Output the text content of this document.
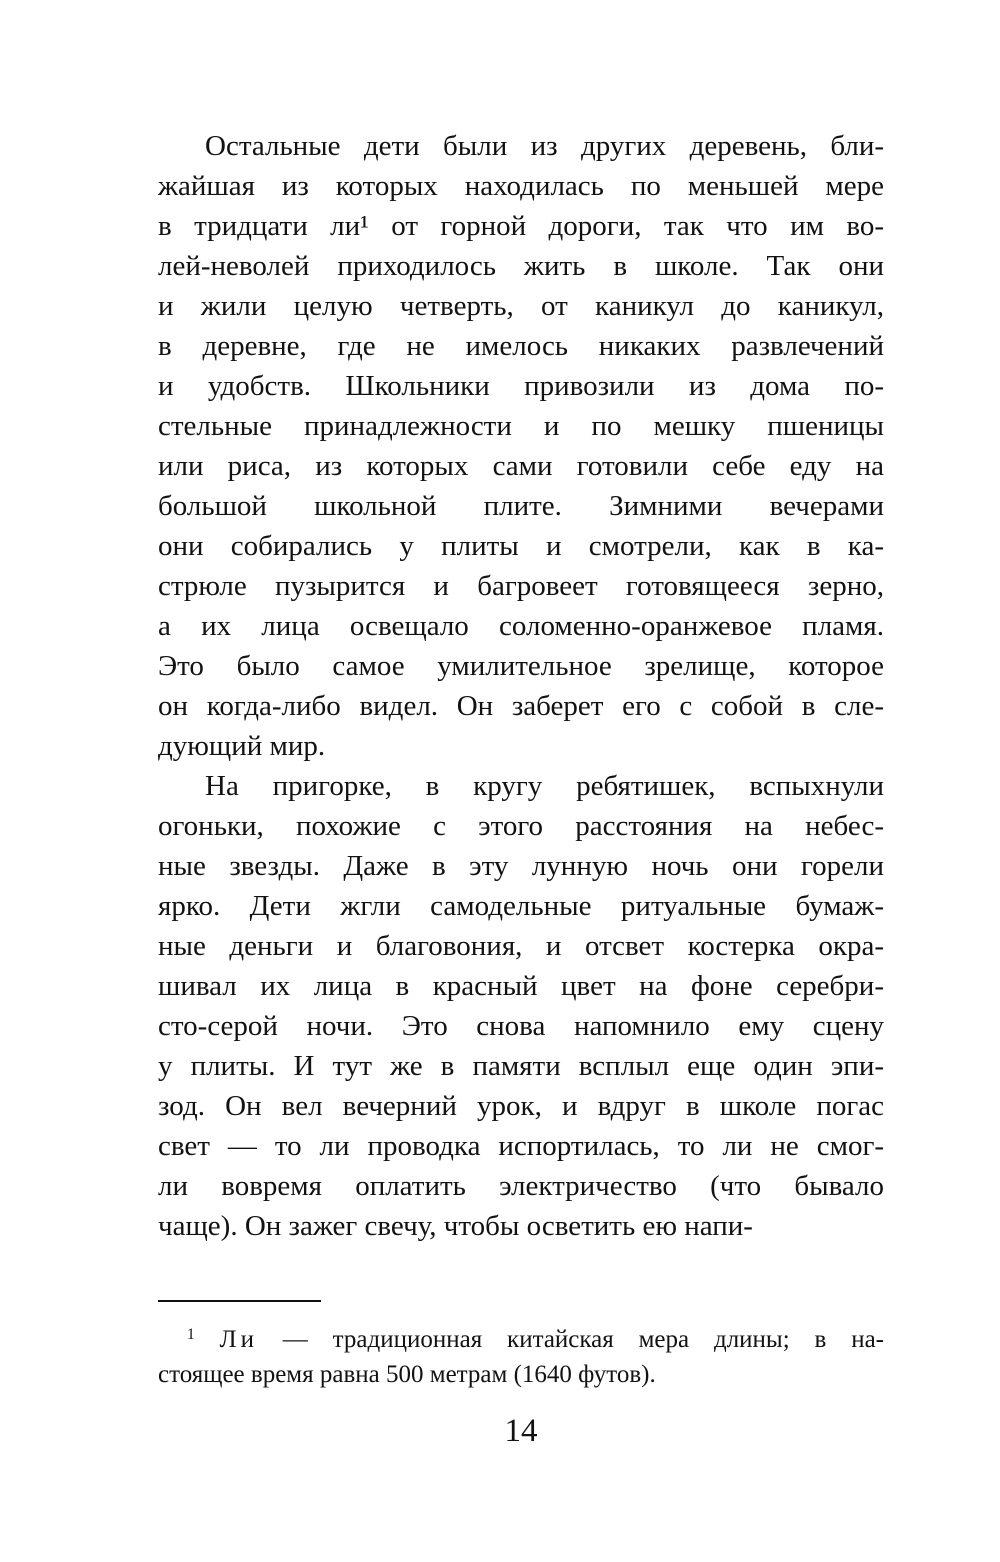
Остальные дети были из других деревень, бли-
жайшая из которых находилась по меньшей мере
в тридцати ли¹ от горной дороги, так что им во-
лей-неволей приходилось жить в школе. Так они
и жили целую четверть, от каникул до каникул,
в деревне, где не имелось никаких развлечений
и удобств. Школьники привозили из дома по-
стельные принадлежности и по мешку пшеницы
или риса, из которых сами готовили себе еду на
большой школьной плите. Зимними вечерами
они собирались у плиты и смотрели, как в ка-
стрюле пузырится и багровеет готовящееся зерно,
а их лица освещало соломенно-оранжевое пламя.
Это было самое умилительное зрелище, которое
он когда-либо видел. Он заберет его с собой в сле-
дующий мир.
На пригорке, в кругу ребятишек, вспыхнули
огоньки, похожие с этого расстояния на небес-
ные звезды. Даже в эту лунную ночь они горели
ярко. Дети жгли самодельные ритуальные бумаж-
ные деньги и благовония, и отсвет костерка окра-
шивал их лица в красный цвет на фоне серебри-
сто-серой ночи. Это снова напомнило ему сцену
у плиты. И тут же в памяти всплыл еще один эпи-
зод. Он вел вечерний урок, и вдруг в школе погас
свет — то ли проводка испортилась, то ли не смог-
ли вовремя оплатить электричество (что бывало
чаще). Он зажег свечу, чтобы осветить ею напи-
$^1$ Ли — традиционная китайская мера длины; в на-
стоящее время равна 500 метрам (1640 футов).
14
